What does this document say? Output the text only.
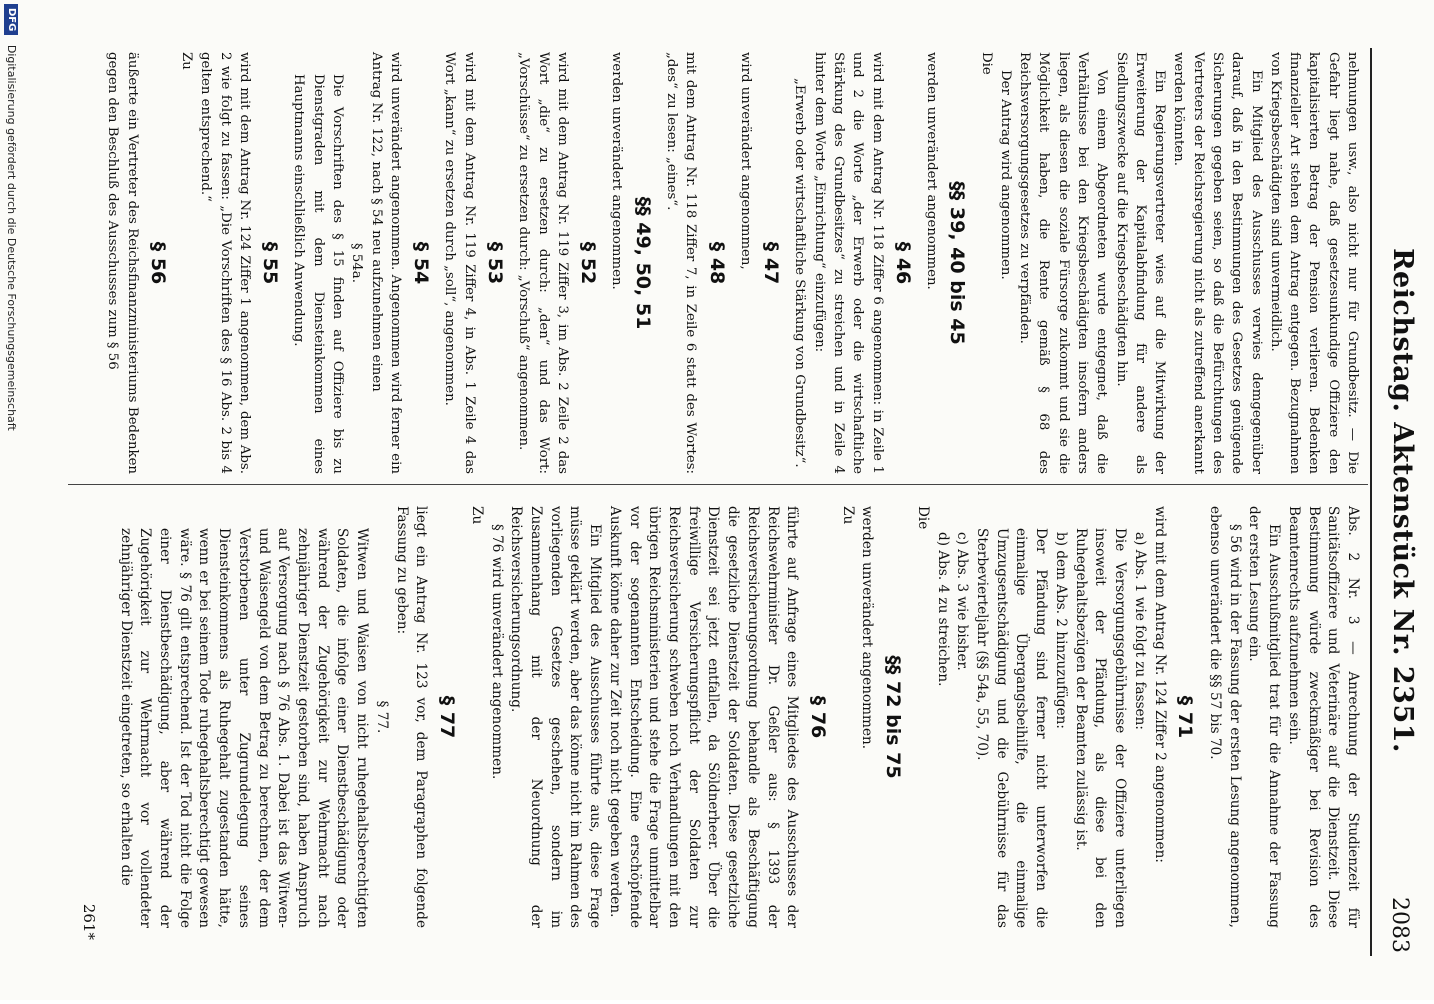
Reichstag. Aktenstück Nr. 2351.
2083

nehmungen usw., also nicht nur für Grundbesitz. — Die Gefahr liegt nahe, daß gesetzesunkundige Offiziere den kapitalisierten Betrag der Pension verlieren. Bedenken finanzieller Art stehen dem Antrag entgegen. Bezugnahmen von Kriegsbeschädigten sind unvermeidlich.

Ein Mitglied des Ausschusses verwies demgegenüber darauf, daß in den Bestimmungen des Gesetzes genügende Sicherungen gegeben seien, so daß die Befürchtungen des Vertreters der Reichsregierung nicht als zutreffend anerkannt werden könnten.

Ein Regierungsvertreter wies auf die Mitwirkung der Erweiterung der Kapitalabfindung für andere als Siedlungszwecke auf die Kriegsbeschädigten hin.

Von einem Abgeordneten wurde entgegnet, daß die Verhältnisse bei den Kriegsbeschädigten insofern anders liegen, als diesen die soziale Fürsorge zukommt und sie die Möglichkeit haben, die Rente gemäß § 68 des Reichsversorgungsgesetzes zu verpfänden.

Der Antrag wird angenommen.

Die

§§ 39, 40 bis 45

werden unverändert angenommen.

§ 46

wird mit dem Antrag Nr. 118 Ziffer 6 angenommen: in Zeile 1 und 2 die Worte „der Erwerb oder die wirtschaftliche Stärkung des Grundbesitzes“ zu streichen und in Zeile 4 hinter dem Worte „Einrichtung“ einzufügen:

„Erwerb oder wirtschaftliche Stärkung von Grundbesitz“.

§ 47

wird unverändert angenommen,

§ 48

mit dem Antrag Nr. 118 Ziffer 7, in Zeile 6 statt des Wortes: „des“ zu lesen: „eines“.

§§ 49, 50, 51

werden unverändert angenommen.

§ 52

wird mit dem Antrag Nr. 119 Ziffer 3, im Abs. 2 Zeile 2 das Wort „die“ zu ersetzen durch: „den“ und das Wort: „Vorschüsse“ zu ersetzen durch: „Vorschuß“ angenommen.

§ 53

wird mit dem Antrag Nr. 119 Ziffer 4, in Abs. 1 Zeile 4 das Wort „kann“ zu ersetzen durch „soll“, angenommen.

§ 54

wird unverändert angenommen. Angenommen wird ferner ein Antrag Nr. 122, nach § 54 neu aufzunehmen einen

§ 54a.

Die Vorschriften des § 15 finden auf Offiziere bis zu Dienstgraden mit dem Diensteinkommen eines Hauptmanns einschließlich Anwendung.

§ 55

wird mit dem Antrag Nr. 124 Ziffer 1 angenommen, dem Abs. 2 wie folgt zu fassen: „Die Vorschriften des § 16 Abs. 2 bis 4 gelten entsprechend.“

Zu

§ 56

äußerte ein Vertreter des Reichsfinanzministeriums Bedenken gegen den Beschluß des Ausschusses zum § 56

Abs. 2 Nr. 3 — Anrechnung der Studienzeit für Sanitätsoffiziere und Veterinäre auf die Dienstzeit. Diese Bestimmung würde zweckmäßiger bei Revision des Beamtenrechts aufzunehmen sein.

Ein Ausschußmitglied trat für die Annahme der Fassung der ersten Lesung ein.

§ 56 wird in der Fassung der ersten Lesung angenommen, ebenso unverändert die §§ 57 bis 70.

§ 71

wird mit dem Antrag Nr. 124 Ziffer 2 angenommen:

a) Abs. 1 wie folgt zu fassen:

Die Versorgungsgebührnisse der Offiziere unterliegen insoweit der Pfändung, als diese bei den Ruhegehaltsbezügen der Beamten zulässig ist.

b) dem Abs. 2 hinzuzufügen:

Der Pfändung sind ferner nicht unterworfen die einmalige Übergangsbeihilfe, die einmalige Umzugsentschädigung und die Gebührnisse für das Sterbevierteljahr (§§ 54a, 55, 70).

c) Abs. 3 wie bisher.

d) Abs. 4 zu streichen.

Die

§§ 72 bis 75

werden unverändert angenommen.

Zu

§ 76

führte auf Anfrage eines Mitgliedes des Ausschusses der Reichswehrminister Dr. Geßler aus: § 1393 der Reichsversicherungsordnung behandle als Beschäftigung die gesetzliche Dienstzeit der Soldaten. Diese gesetzliche Dienstzeit sei jetzt entfallen, da Söldnerheer. Über die freiwillige Versicherungspflicht der Soldaten zur Reichsversicherung schweben noch Verhandlungen mit den übrigen Reichsministerien und stehe die Frage unmittelbar vor der sogenannten Entscheidung. Eine erschöpfende Auskunft könne daher zur Zeit noch nicht gegeben werden.

Ein Mitglied des Ausschusses führte aus, diese Frage müsse geklärt werden, aber das könne nicht im Rahmen des vorliegenden Gesetzes geschehen, sondern im Zusammenhang mit der Neuordnung der Reichsversicherungsordnung.

§ 76 wird unverändert angenommen.

Zu

§ 77

liegt ein Antrag Nr. 123 vor, dem Paragraphen folgende Fassung zu geben:

§ 77.

Witwen und Waisen von nicht ruhegehaltsberechtigten Soldaten, die infolge einer Dienstbeschädigung oder während der Zugehörigkeit zur Wehrmacht nach zehnjähriger Dienstzeit gestorben sind, haben Anspruch auf Versorgung nach § 76 Abs. 1. Dabei ist das Witwen- und Waisengeld von dem Betrag zu berechnen, der dem Verstorbenen unter Zugrundelegung seines Diensteinkommens als Ruhegehalt zugestanden hätte, wenn er bei seinem Tode ruhegehaltsberechtigt gewesen wäre. § 76 gilt entsprechend. Ist der Tod nicht die Folge einer Dienstbeschädigung, aber während der Zugehörigkeit zur Wehrmacht vor vollendeter zehnjähriger Dienstzeit eingetreten, so erhalten die

261*
DFG Digitalisierung gefördert durch die Deutsche Forschungsgemeinschaft
